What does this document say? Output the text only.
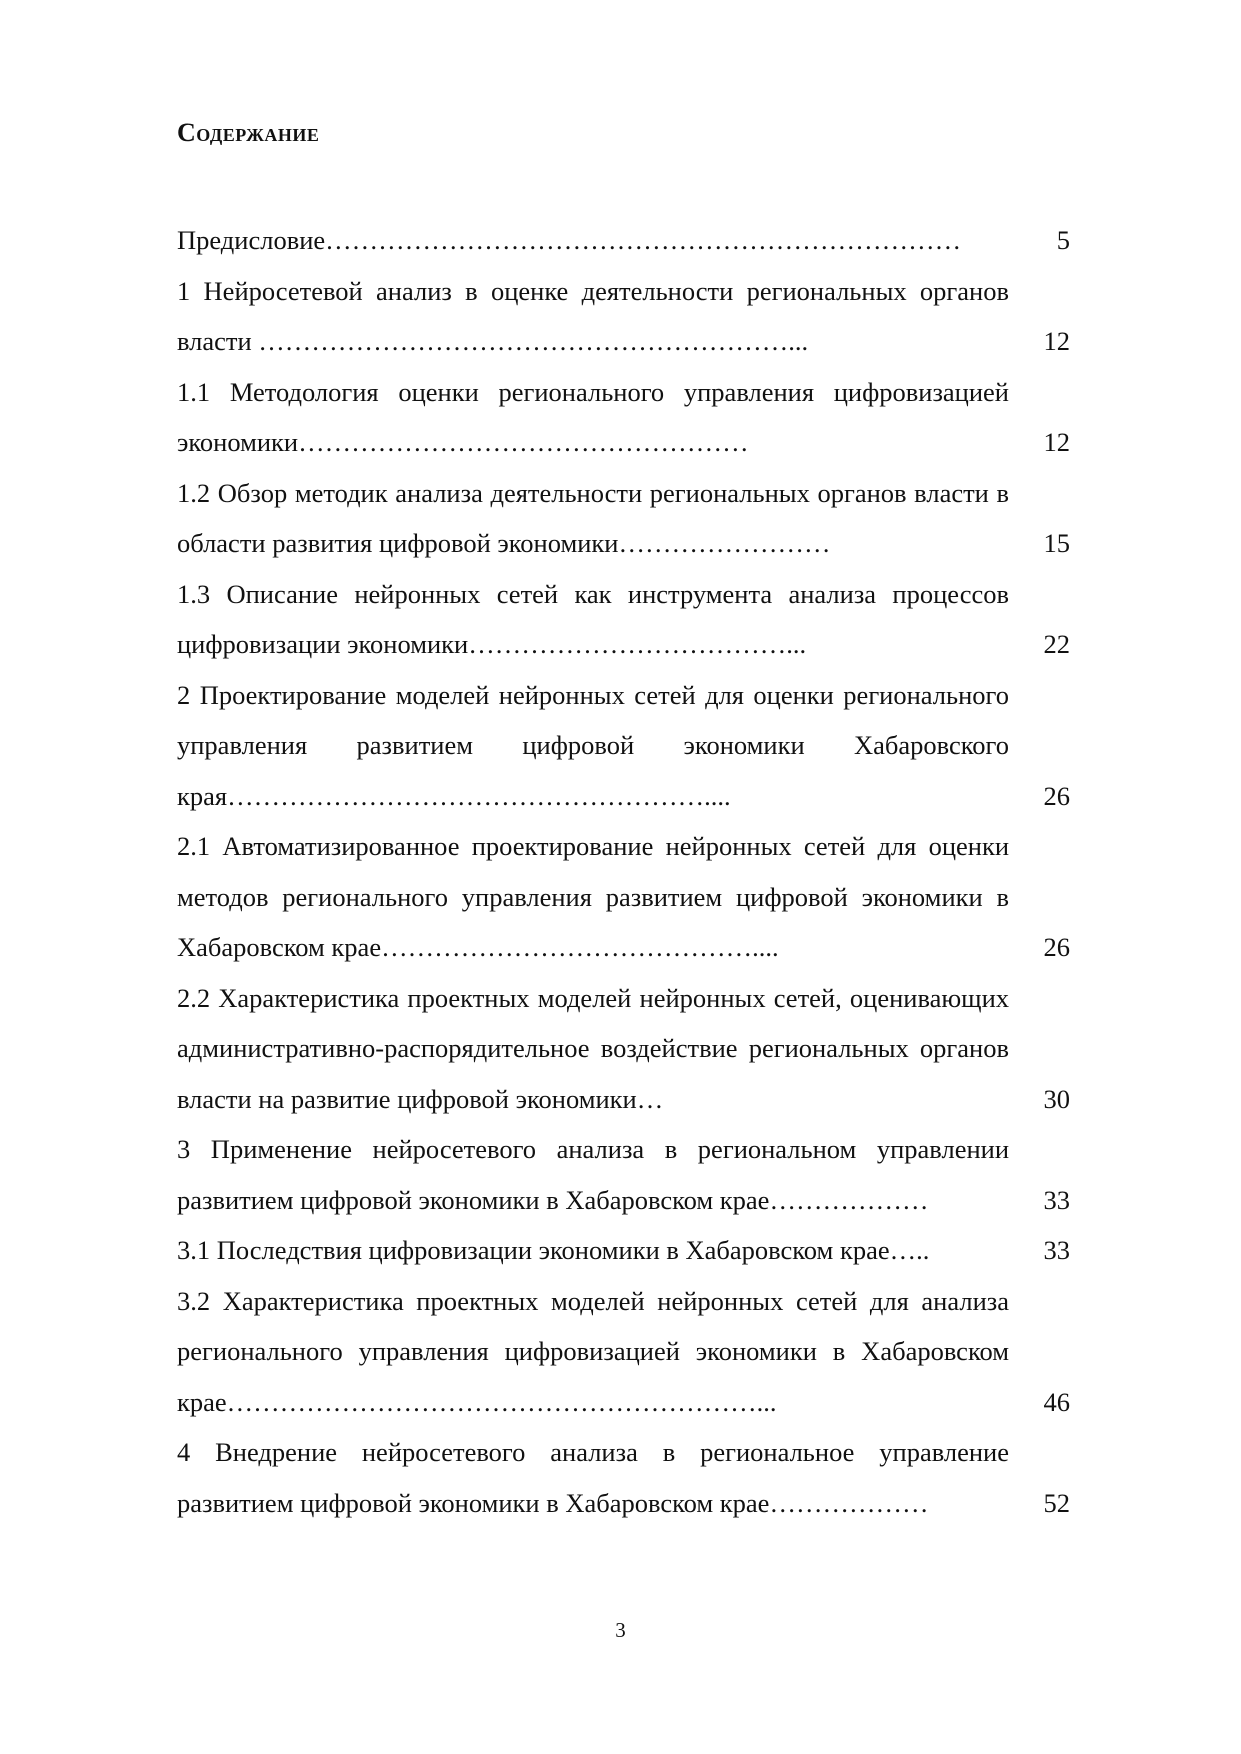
Содержание
Предисловие………………………………………………………………	5
1 Нейросетевой анализ в оценке деятельности региональных органов власти ……………………………………………………...	12
1.1 Методология оценки регионального управления цифровизацией экономики……………………………………………	12
1.2 Обзор методик анализа деятельности региональных органов власти в области развития цифровой экономики……………………	15
1.3 Описание нейронных сетей как инструмента анализа процессов цифровизации экономики………………………………...	22
2 Проектирование моделей нейронных сетей для оценки регионального управления развитием цифровой экономики Хабаровского края………………………………………………....	26
2.1 Автоматизированное проектирование нейронных сетей для оценки методов регионального управления развитием цифровой экономики в Хабаровском крае……………………………………....	26
2.2 Характеристика проектных моделей нейронных сетей, оценивающих административно-распорядительное воздействие региональных органов власти на развитие цифровой экономики…	30
3 Применение нейросетевого анализа в региональном управлении развитием цифровой экономики в Хабаровском крае………………	33
3.1 Последствия цифровизации экономики в Хабаровском крае…..	33
3.2 Характеристика проектных моделей нейронных сетей для анализа регионального управления цифровизацией экономики в Хабаровском крае……………………………………………………...	46
4 Внедрение нейросетевого анализа в региональное управление развитием цифровой экономики в Хабаровском крае………………	52
3
